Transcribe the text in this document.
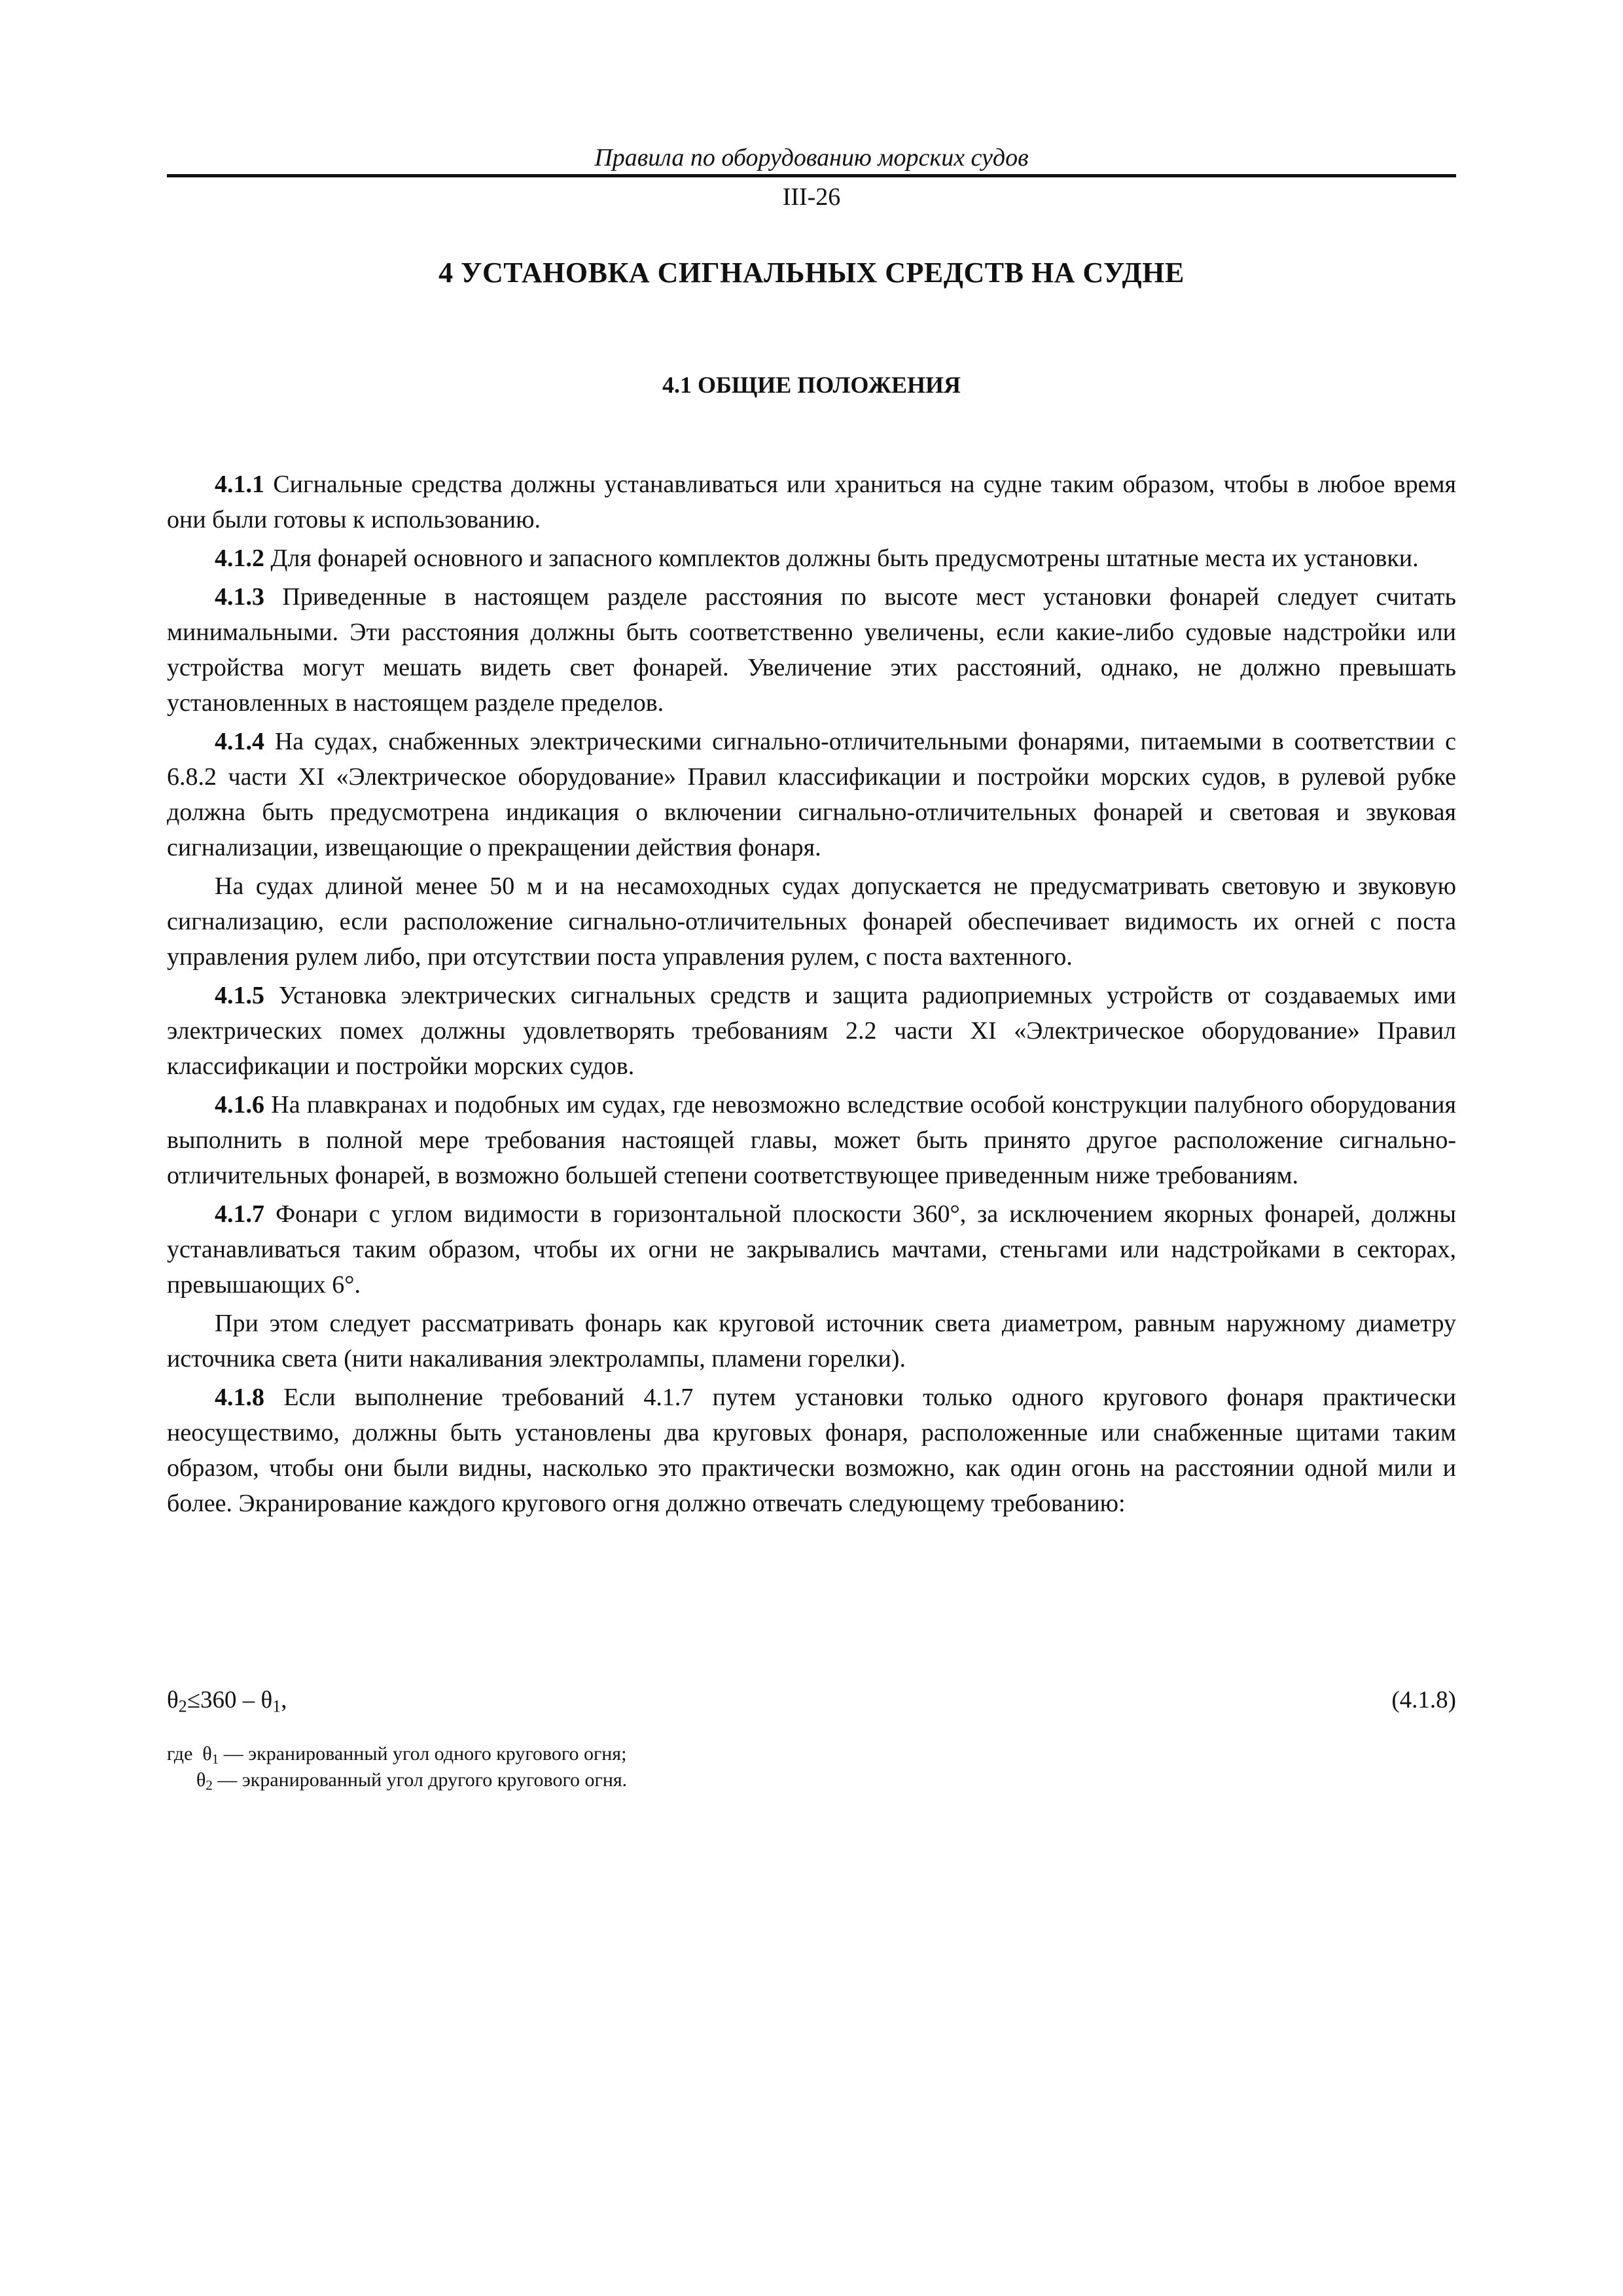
Правила по оборудованию морских судов
III-26
4 УСТАНОВКА СИГНАЛЬНЫХ СРЕДСТВ НА СУДНЕ
4.1 ОБЩИЕ ПОЛОЖЕНИЯ

4.1.1 Сигнальные средства должны устанавливаться или храниться на судне таким образом, чтобы в любое время они были готовы к использованию.

4.1.2 Для фонарей основного и запасного комплектов должны быть предусмотрены штатные места их установки.

4.1.3 Приведенные в настоящем разделе расстояния по высоте мест установки фонарей следует считать минимальными. Эти расстояния должны быть соответственно увеличены, если какие-либо судовые надстройки или устройства могут мешать видеть свет фонарей. Увеличение этих расстояний, однако, не должно превышать установленных в настоящем разделе пределов.

4.1.4 На судах, снабженных электрическими сигнально-отличительными фонарями, питаемыми в соответствии с 6.8.2 части XI «Электрическое оборудование» Правил классификации и постройки морских судов, в рулевой рубке должна быть предусмотрена индикация о включении сигнально-отличительных фонарей и световая и звуковая сигнализации, извещающие о прекращении действия фонаря.

На судах длиной менее 50 м и на несамоходных судах допускается не предусматривать световую и звуковую сигнализацию, если расположение сигнально-отличительных фонарей обеспечивает видимость их огней с поста управления рулем либо, при отсутствии поста управления рулем, с поста вахтенного.

4.1.5 Установка электрических сигнальных средств и защита радиоприемных устройств от создаваемых ими электрических помех должны удовлетворять требованиям 2.2 части XI «Электрическое оборудование» Правил классификации и постройки морских судов.

4.1.6 На плавкранах и подобных им судах, где невозможно вследствие особой конструкции палубного оборудования выполнить в полной мере требования настоящей главы, может быть принято другое расположение сигнально-отличительных фонарей, в возможно большей степени соответствующее приведенным ниже требованиям.

4.1.7 Фонари с углом видимости в горизонтальной плоскости 360°, за исключением якорных фонарей, должны устанавливаться таким образом, чтобы их огни не закрывались мачтами, стеньгами или надстройками в секторах, превышающих 6°.

При этом следует рассматривать фонарь как круговой источник света диаметром, равным наружному диаметру источника света (нити накаливания электролампы, пламени горелки).

4.1.8 Если выполнение требований 4.1.7 путем установки только одного кругового фонаря практически неосуществимо, должны быть установлены два круговых фонаря, расположенные или снабженные щитами таким образом, чтобы они были видны, насколько это практически возможно, как один огонь на расстоянии одной мили и более. Экранирование каждого кругового огня должно отвечать следующему требованию:

$\theta_2\le 360 - \theta_1$,	(4.1.8)
где $\theta_1$ — экранированный угол одного кругового огня;
$\theta_2$ — экранированный угол другого кругового огня.
